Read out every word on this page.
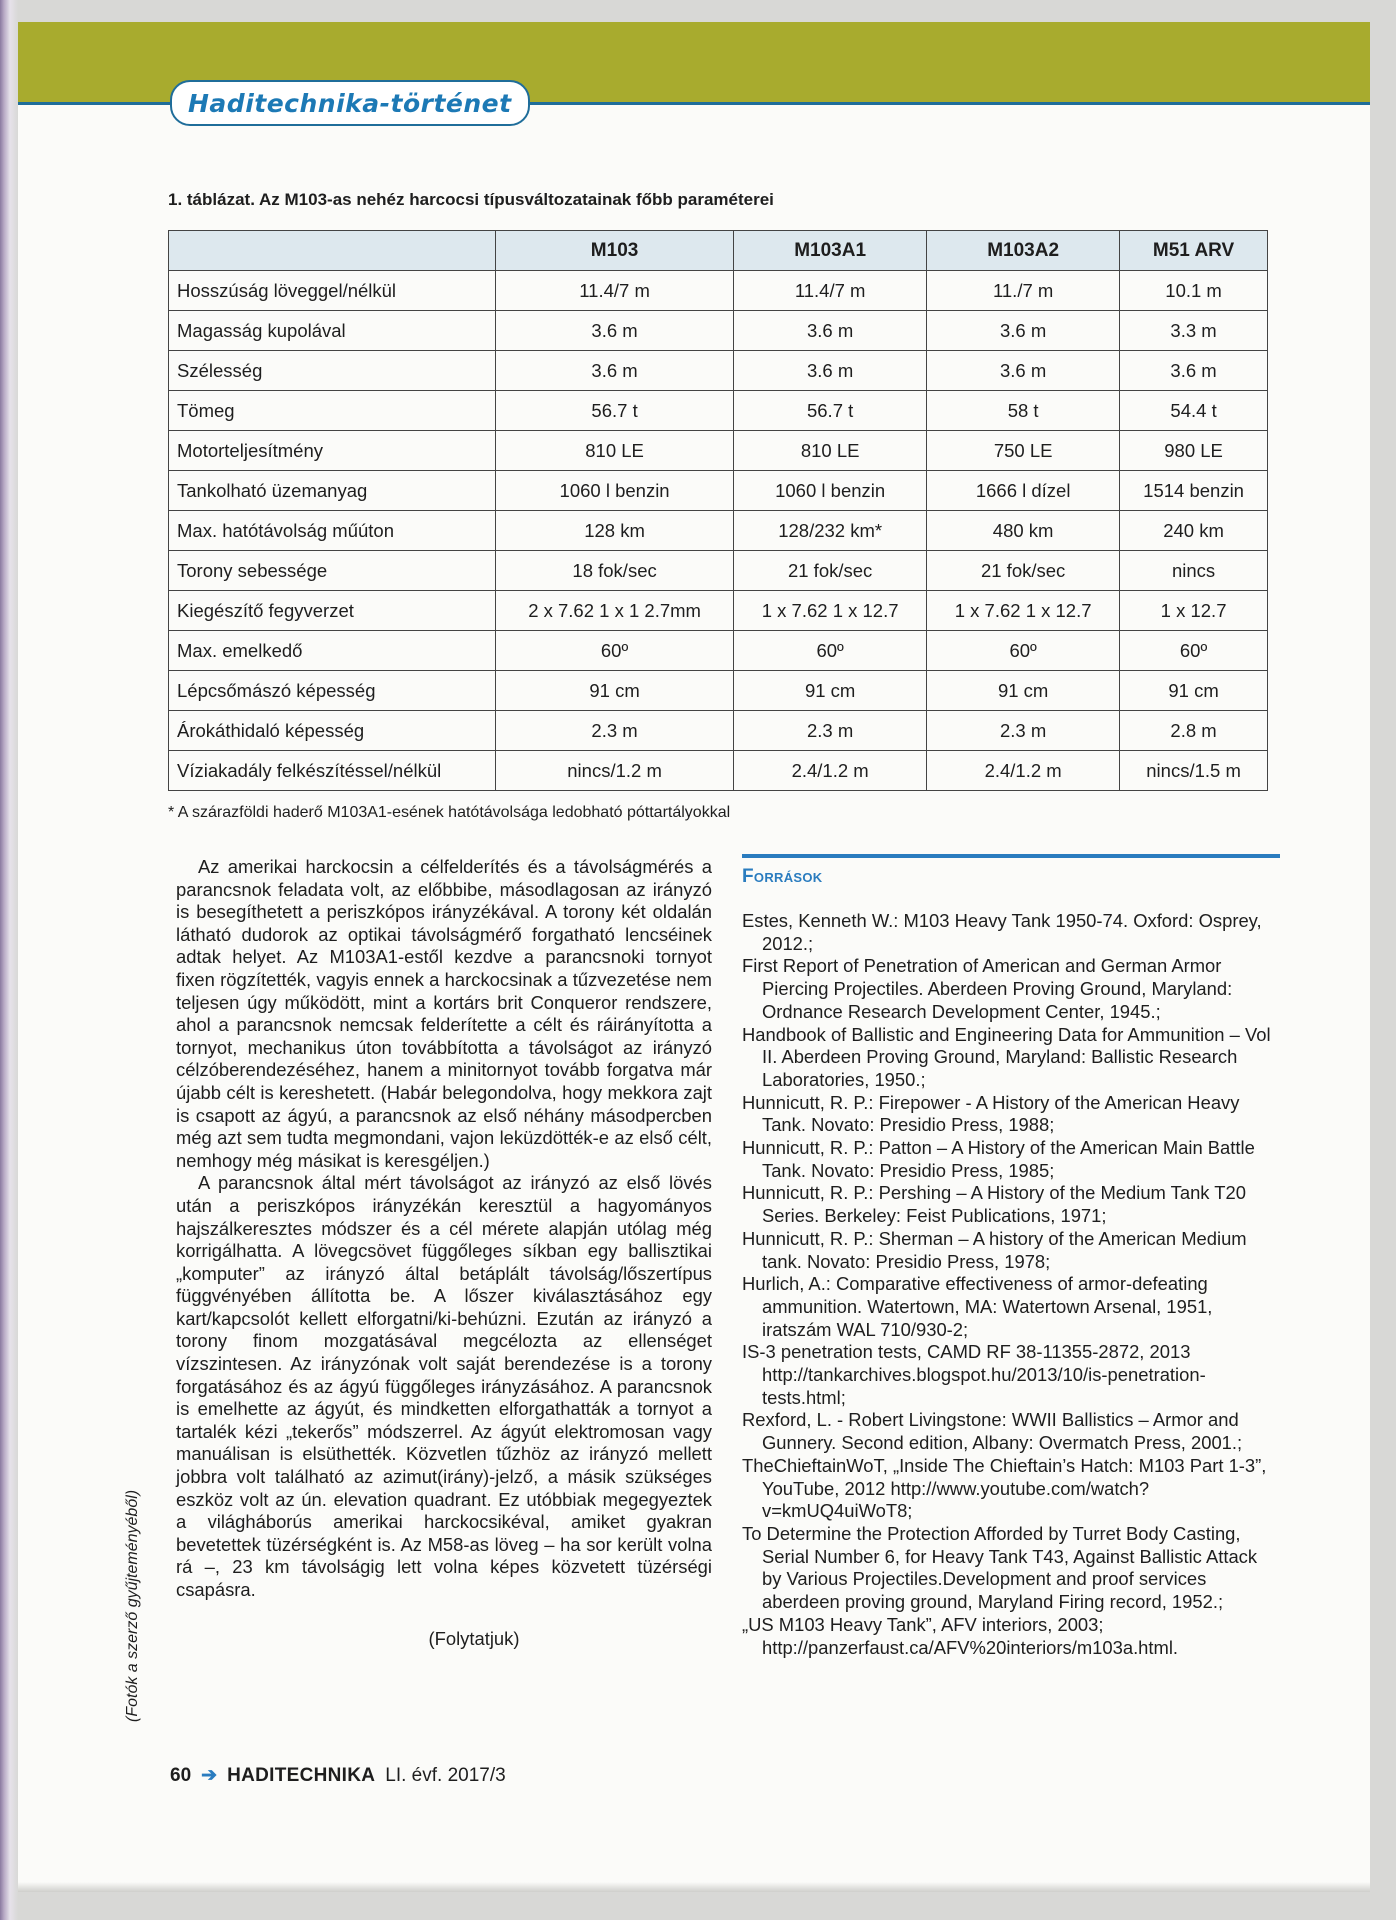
Haditechnika-történet
1. táblázat. Az M103-as nehéz harcocsi típusváltozatainak főbb paraméterei
	M103	M103A1	M103A2	M51 ARV
Hosszúság löveggel/nélkül	11.4/7 m	11.4/7 m	11./7 m	10.1 m
Magasság kupolával	3.6 m	3.6 m	3.6 m	3.3 m
Szélesség	3.6 m	3.6 m	3.6 m	3.6 m
Tömeg	56.7 t	56.7 t	58 t	54.4 t
Motorteljesítmény	810 LE	810 LE	750 LE	980 LE
Tankolható üzemanyag	1060 l benzin	1060 l benzin	1666 l dízel	1514 benzin
Max. hatótávolság műúton	128 km	128/232 km*	480 km	240 km
Torony sebessége	18 fok/sec	21 fok/sec	21 fok/sec	nincs
Kiegészítő fegyverzet	2 x 7.62 1 x 1 2.7mm	1 x 7.62 1 x 12.7	1 x 7.62 1 x 12.7	1 x 12.7
Max. emelkedő	60º	60º	60º	60º
Lépcsőmászó képesség	91 cm	91 cm	91 cm	91 cm
Árokáthidaló képesség	2.3 m	2.3 m	2.3 m	2.8 m
Víziakadály felkészítéssel/nélkül	nincs/1.2 m	2.4/1.2 m	2.4/1.2 m	nincs/1.5 m
* A szárazföldi haderő M103A1-esének hatótávolsága ledobható póttartályokkal

Az amerikai harckocsin a célfelderítés és a távolságmérés a parancsnok feladata volt, az előbbibe, másodlagosan az irányzó is besegíthetett a periszkópos irányzékával. A torony két oldalán látható dudorok az optikai távolságmérő forgatható lencséinek adtak helyet. Az M103A1-estől kezdve a parancsnoki tornyot fixen rögzítették, vagyis ennek a harckocsinak a tűzvezetése nem teljesen úgy működött, mint a kortárs brit Conqueror rendszere, ahol a parancsnok nemcsak felderítette a célt és ráirányította a tornyot, mechanikus úton továbbította a távolságot az irányzó célzóberendezéséhez, hanem a minitornyot tovább forgatva már újabb célt is kereshetett. (Habár belegondolva, hogy mekkora zajt is csapott az ágyú, a parancsnok az első néhány másodpercben még azt sem tudta megmondani, vajon leküzdötték-e az első célt, nemhogy még másikat is keresgéljen.)

A parancsnok által mért távolságot az irányzó az első lövés után a periszkópos irányzékán keresztül a hagyományos hajszálkeresztes módszer és a cél mérete alapján utólag még korrigálhatta. A lövegcsövet függőleges síkban egy ballisztikai „komputer” az irányzó által betáplált távolság/lőszertípus függvényében állította be. A lőszer kiválasztásához egy kart/kapcsolót kellett elforgatni/ki-behúzni. Ezután az irányzó a torony finom mozgatásával megcélozta az ellenséget vízszintesen. Az irányzónak volt saját berendezése is a torony forgatásához és az ágyú függőleges irányzásához. A parancsnok is emelhette az ágyút, és mindketten elforgathatták a tornyot a tartalék kézi „tekerős” módszerrel. Az ágyút elektromosan vagy manuálisan is elsüthették. Közvetlen tűzhöz az irányzó mellett jobbra volt található az azimut(irány)-jelző, a másik szükséges eszköz volt az ún. elevation quadrant. Ez utóbbiak megegyeztek a világháborús amerikai harckocsikéval, amiket gyakran bevetettek tüzérségként is. Az M58-as löveg – ha sor került volna rá –, 23 km távolságig lett volna képes közvetett tüzérségi csapásra.

(Folytatjuk)

Források
Estes, Kenneth W.: M103 Heavy Tank 1950-74. Oxford: Osprey, 2012.;
First Report of Penetration of American and German Armor Piercing Projectiles. Aberdeen Proving Ground, Maryland: Ordnance Research Development Center, 1945.;
Handbook of Ballistic and Engineering Data for Ammunition – Vol II. Aberdeen Proving Ground, Maryland: Ballistic Research Laboratories, 1950.;
Hunnicutt, R. P.: Firepower - A History of the American Heavy Tank. Novato: Presidio Press, 1988;
Hunnicutt, R. P.: Patton – A History of the American Main Battle Tank. Novato: Presidio Press, 1985;
Hunnicutt, R. P.: Pershing – A History of the Medium Tank T20 Series. Berkeley: Feist Publications, 1971;
Hunnicutt, R. P.: Sherman – A history of the American Medium tank. Novato: Presidio Press, 1978;
Hurlich, A.: Comparative effectiveness of armor-defeating ammunition. Watertown, MA: Watertown Arsenal, 1951, iratszám WAL 710/930-2;
IS-3 penetration tests, CAMD RF 38-11355-2872, 2013 http://tankarchives.blogspot.hu/2013/10/is-penetration-tests.html;
Rexford, L. - Robert Livingstone: WWII Ballistics – Armor and Gunnery. Second edition, Albany: Overmatch Press, 2001.;
TheChieftainWoT, „Inside The Chieftain’s Hatch: M103 Part 1-3”, YouTube, 2012 http://www.youtube.com/watch?v=kmUQ4uiWoT8;
To Determine the Protection Afforded by Turret Body Casting, Serial Number 6, for Heavy Tank T43, Against Ballistic Attack by Various Projectiles.Development and proof services aberdeen proving ground, Maryland Firing record, 1952.;
„US M103 Heavy Tank”, AFV interiors, 2003; http://panzerfaust.ca/AFV%20interiors/m103a.html.
(Fotók a szerző gyűjteményéből)
60 ➔ HADITECHNIKA LI. évf. 2017/3
